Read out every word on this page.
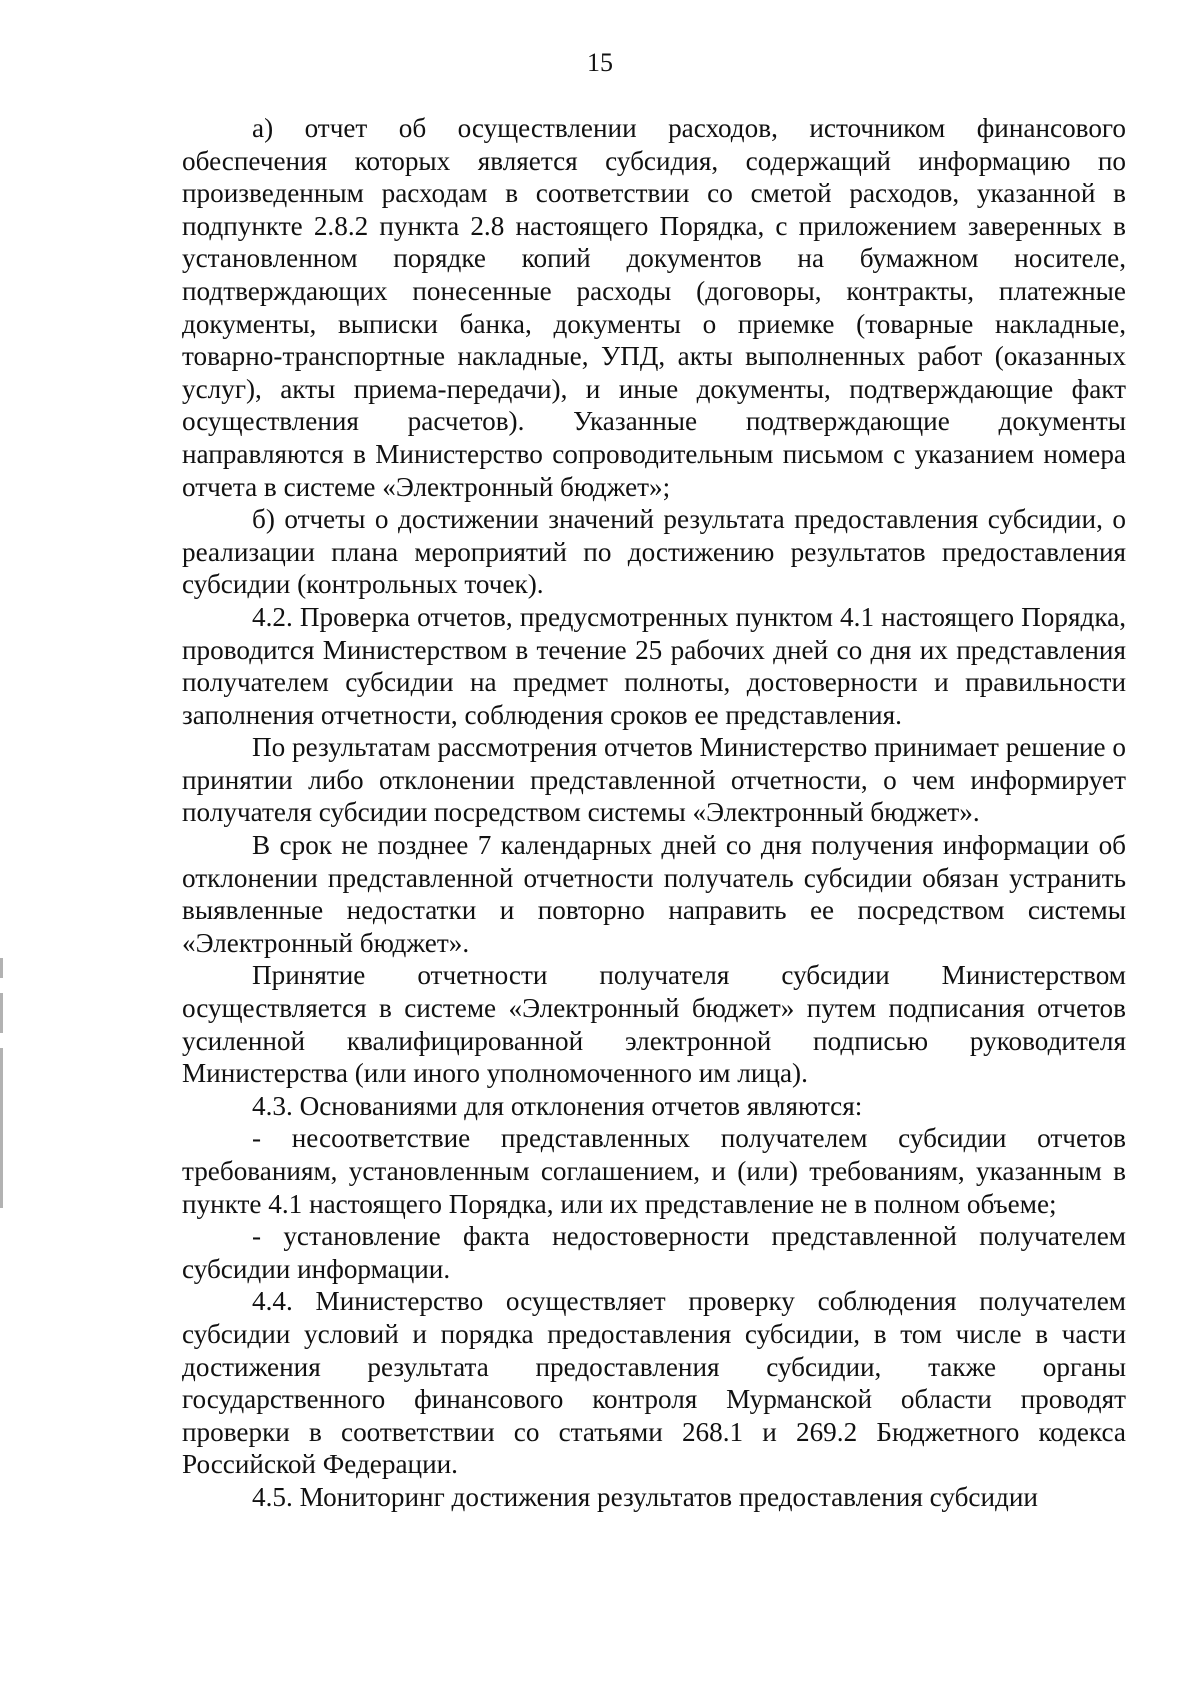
15

а) отчет об осуществлении расходов, источником финансового обеспечения которых является субсидия, содержащий информацию по произведенным расходам в соответствии со сметой расходов, указанной в подпункте 2.8.2 пункта 2.8 настоящего Порядка, с приложением заверенных в установленном порядке копий документов на бумажном носителе, подтверждающих понесенные расходы (договоры, контракты, платежные документы, выписки банка, документы о приемке (товарные накладные, товарно-транспортные накладные, УПД, акты выполненных работ (оказанных услуг), акты приема-передачи), и иные документы, подтверждающие факт осуществления расчетов). Указанные подтверждающие документы направляются в Министерство сопроводительным письмом с указанием номера отчета в системе «Электронный бюджет»;

б) отчеты о достижении значений результата предоставления субсидии, о реализации плана мероприятий по достижению результатов предоставления субсидии (контрольных точек).

4.2. Проверка отчетов, предусмотренных пунктом 4.1 настоящего Порядка, проводится Министерством в течение 25 рабочих дней со дня их представления получателем субсидии на предмет полноты, достоверности и правильности заполнения отчетности, соблюдения сроков ее представления.

По результатам рассмотрения отчетов Министерство принимает решение о принятии либо отклонении представленной отчетности, о чем информирует получателя субсидии посредством системы «Электронный бюджет».

В срок не позднее 7 календарных дней со дня получения информации об отклонении представленной отчетности получатель субсидии обязан устранить выявленные недостатки и повторно направить ее посредством системы «Электронный бюджет».

Принятие отчетности получателя субсидии Министерством осуществляется в системе «Электронный бюджет» путем подписания отчетов усиленной квалифицированной электронной подписью руководителя Министерства (или иного уполномоченного им лица).

4.3. Основаниями для отклонения отчетов являются:

- несоответствие представленных получателем субсидии отчетов требованиям, установленным соглашением, и (или) требованиям, указанным в пункте 4.1 настоящего Порядка, или их представление не в полном объеме;

- установление факта недостоверности представленной получателем субсидии информации.

4.4. Министерство осуществляет проверку соблюдения получателем субсидии условий и порядка предоставления субсидии, в том числе в части достижения результата предоставления субсидии, также органы государственного финансового контроля Мурманской области проводят проверки в соответствии со статьями 268.1 и 269.2 Бюджетного кодекса Российской Федерации.

4.5. Мониторинг достижения результатов предоставления субсидии
